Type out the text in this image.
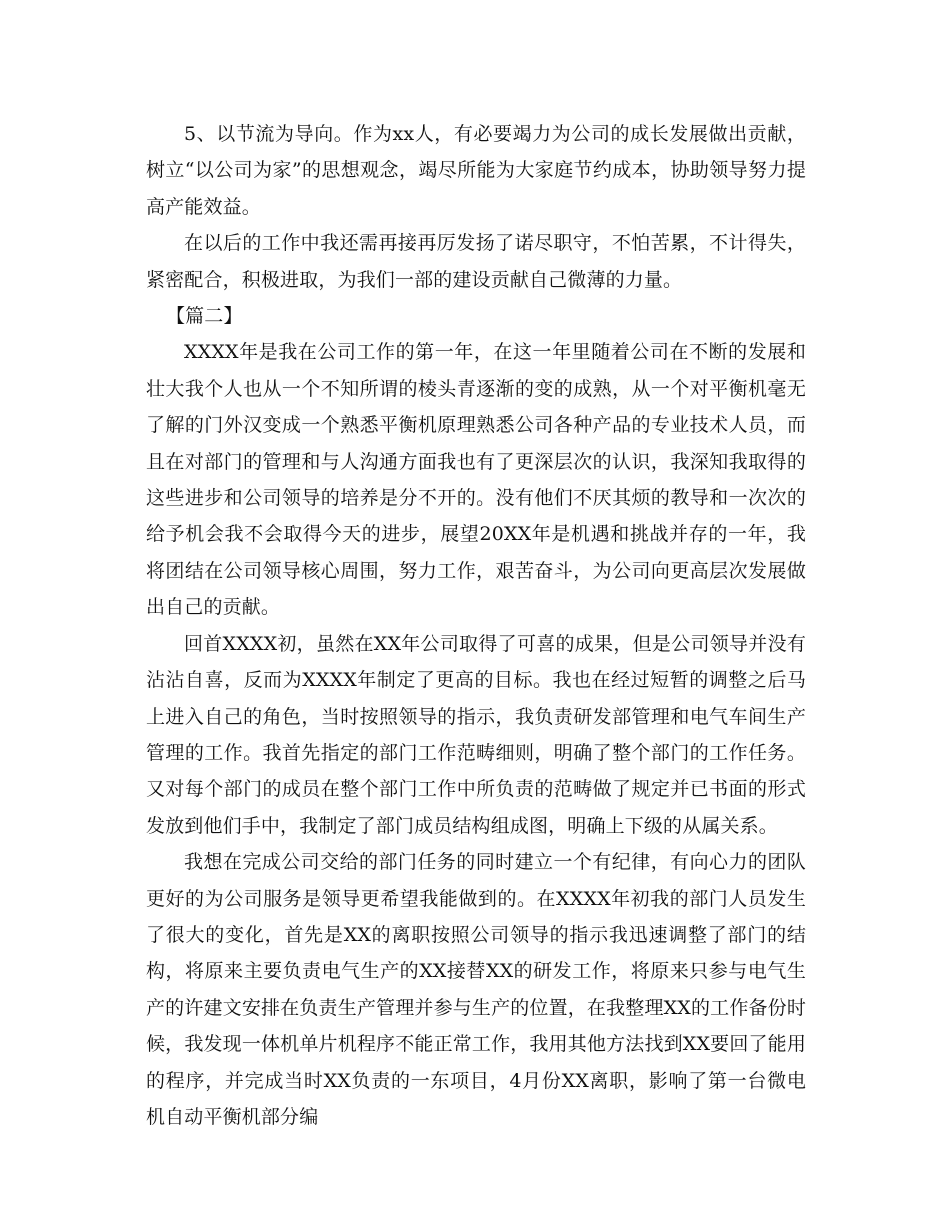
5、以节流为导向。作为xx人，有必要竭力为公司的成长发展做出贡献，树立“以公司为家”的思想观念，竭尽所能为大家庭节约成本，协助领导努力提高产能效益。

在以后的工作中我还需再接再厉发扬了诺尽职守，不怕苦累，不计得失，紧密配合，积极进取，为我们一部的建设贡献自己微薄的力量。

【篇二】

XXXX年是我在公司工作的第一年，在这一年里随着公司在不断的发展和壮大我个人也从一个不知所谓的棱头青逐渐的变的成熟，从一个对平衡机毫无了解的门外汉变成一个熟悉平衡机原理熟悉公司各种产品的专业技术人员，而且在对部门的管理和与人沟通方面我也有了更深层次的认识，我深知我取得的这些进步和公司领导的培养是分不开的。没有他们不厌其烦的教导和一次次的给予机会我不会取得今天的进步，展望20XX年是机遇和挑战并存的一年，我将团结在公司领导核心周围，努力工作，艰苦奋斗，为公司向更高层次发展做出自己的贡献。

回首XXXX初，虽然在XX年公司取得了可喜的成果，但是公司领导并没有沾沾自喜，反而为XXXX年制定了更高的目标。我也在经过短暂的调整之后马上进入自己的角色，当时按照领导的指示，我负责研发部管理和电气车间生产管理的工作。我首先指定的部门工作范畴细则，明确了整个部门的工作任务。又对每个部门的成员在整个部门工作中所负责的范畴做了规定并已书面的形式发放到他们手中，我制定了部门成员结构组成图，明确上下级的从属关系。

我想在完成公司交给的部门任务的同时建立一个有纪律，有向心力的团队更好的为公司服务是领导更希望我能做到的。在XXXX年初我的部门人员发生了很大的变化，首先是XX的离职按照公司领导的指示我迅速调整了部门的结构，将原来主要负责电气生产的XX接替XX的研发工作，将原来只参与电气生产的许建文安排在负责生产管理并参与生产的位置，在我整理XX的工作备份时候，我发现一体机单片机程序不能正常工作，我用其他方法找到XX要回了能用的程序，并完成当时XX负责的一东项目，4月份XX离职，影响了第一台微电机自动平衡机部分编
